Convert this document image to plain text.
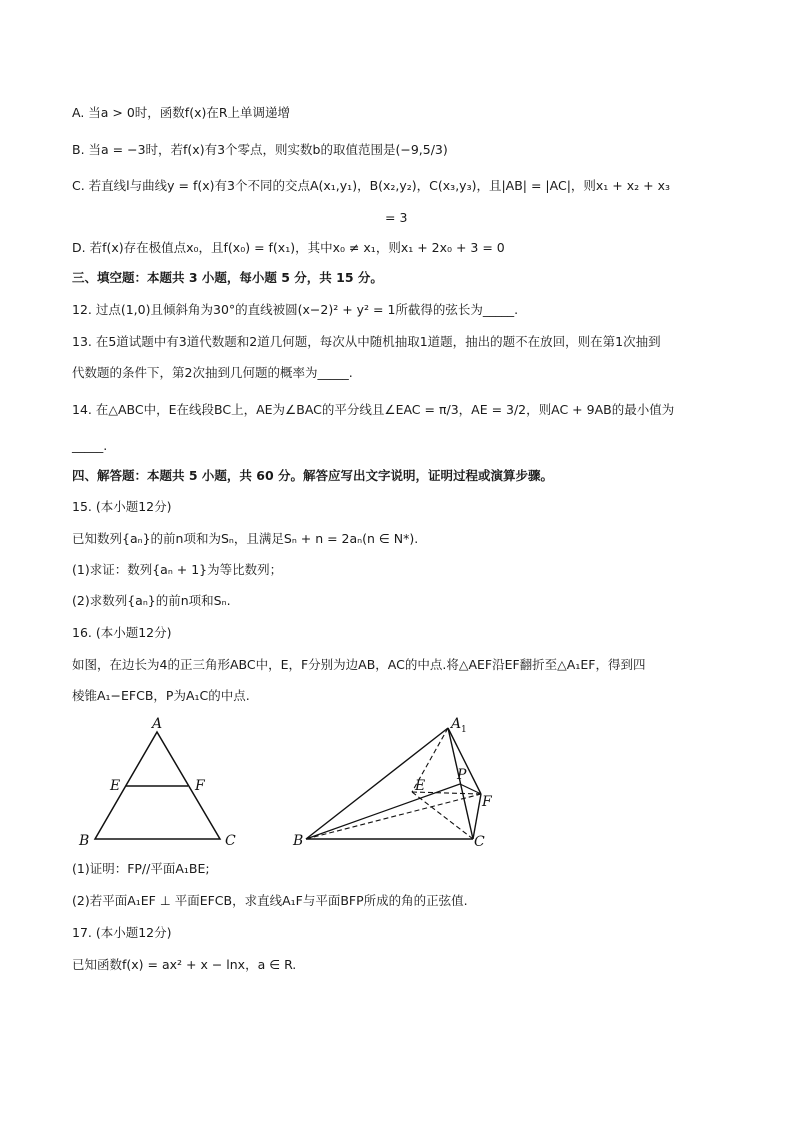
A. 当a > 0时，函数f(x)在R上单调递增
B. 当a = −3时，若f(x)有3个零点，则实数b的取值范围是(−9,5/3)
C. 若直线l与曲线y = f(x)有3个不同的交点A(x₁,y₁)，B(x₂,y₂)，C(x₃,y₃)，且|AB| = |AC|，则x₁ + x₂ + x₃
= 3
D. 若f(x)存在极值点x₀，且f(x₀) = f(x₁)，其中x₀ ≠ x₁，则x₁ + 2x₀ + 3 = 0
三、填空题：本题共 3 小题，每小题 5 分，共 15 分。
12. 过点(1,0)且倾斜角为30°的直线被圆(x−2)² + y² = 1所截得的弦长为_____.
13. 在5道试题中有3道代数题和2道几何题，每次从中随机抽取1道题，抽出的题不在放回，则在第1次抽到
代数题的条件下，第2次抽到几何题的概率为_____.
14. 在△ABC中，E在线段BC上，AE为∠BAC的平分线且∠EAC = π/3，AE = 3/2，则AC + 9AB的最小值为
_____.
四、解答题：本题共 5 小题，共 60 分。解答应写出文字说明，证明过程或演算步骤。
15. (本小题12分)
已知数列{aₙ}的前n项和为Sₙ，且满足Sₙ + n = 2aₙ(n ∈ N*).
(1)求证：数列{aₙ + 1}为等比数列；
(2)求数列{aₙ}的前n项和Sₙ.
16. (本小题12分)
如图，在边长为4的正三角形ABC中，E，F分别为边AB，AC的中点.将△AEF沿EF翻折至△A₁EF，得到四
棱锥A₁−EFCB，P为A₁C的中点.
A
E	F
B	C
A 1
E
P
F
B	C
(1)证明：FP//平面A₁BE;
(2)若平面A₁EF ⊥ 平面EFCB，求直线A₁F与平面BFP所成的角的正弦值.
17. (本小题12分)
已知函数f(x) = ax² + x − lnx，a ∈ R.
